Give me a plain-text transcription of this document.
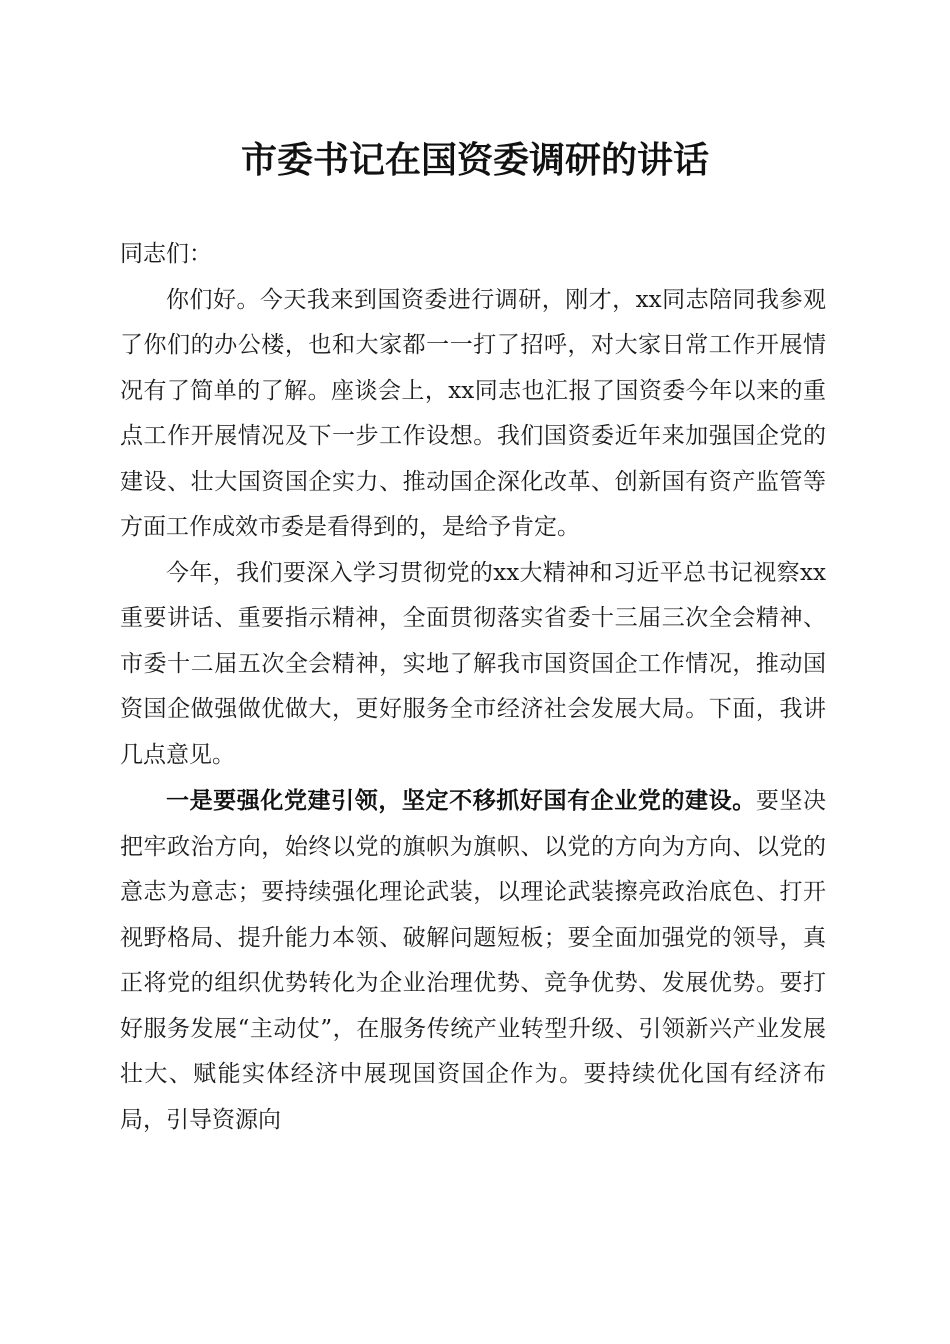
市委书记在国资委调研的讲话

同志们：

你们好。今天我来到国资委进行调研，刚才，xx同志陪同我参观了你们的办公楼，也和大家都一一打了招呼，对大家日常工作开展情况有了简单的了解。座谈会上，xx同志也汇报了国资委今年以来的重点工作开展情况及下一步工作设想。我们国资委近年来加强国企党的建设、壮大国资国企实力、推动国企深化改革、创新国有资产监管等方面工作成效市委是看得到的，是给予肯定。

今年，我们要深入学习贯彻党的xx大精神和习近平总书记视察xx重要讲话、重要指示精神，全面贯彻落实省委十三届三次全会精神、市委十二届五次全会精神，实地了解我市国资国企工作情况，推动国资国企做强做优做大，更好服务全市经济社会发展大局。下面，我讲几点意见。

一是要强化党建引领，坚定不移抓好国有企业党的建设。要坚决把牢政治方向，始终以党的旗帜为旗帜、以党的方向为方向、以党的意志为意志；要持续强化理论武装，以理论武装擦亮政治底色、打开视野格局、提升能力本领、破解问题短板；要全面加强党的领导，真正将党的组织优势转化为企业治理优势、竞争优势、发展优势。要打好服务发展“主动仗”，在服务传统产业转型升级、引领新兴产业发展壮大、赋能实体经济中展现国资国企作为。要持续优化国有经济布局，引导资源向
